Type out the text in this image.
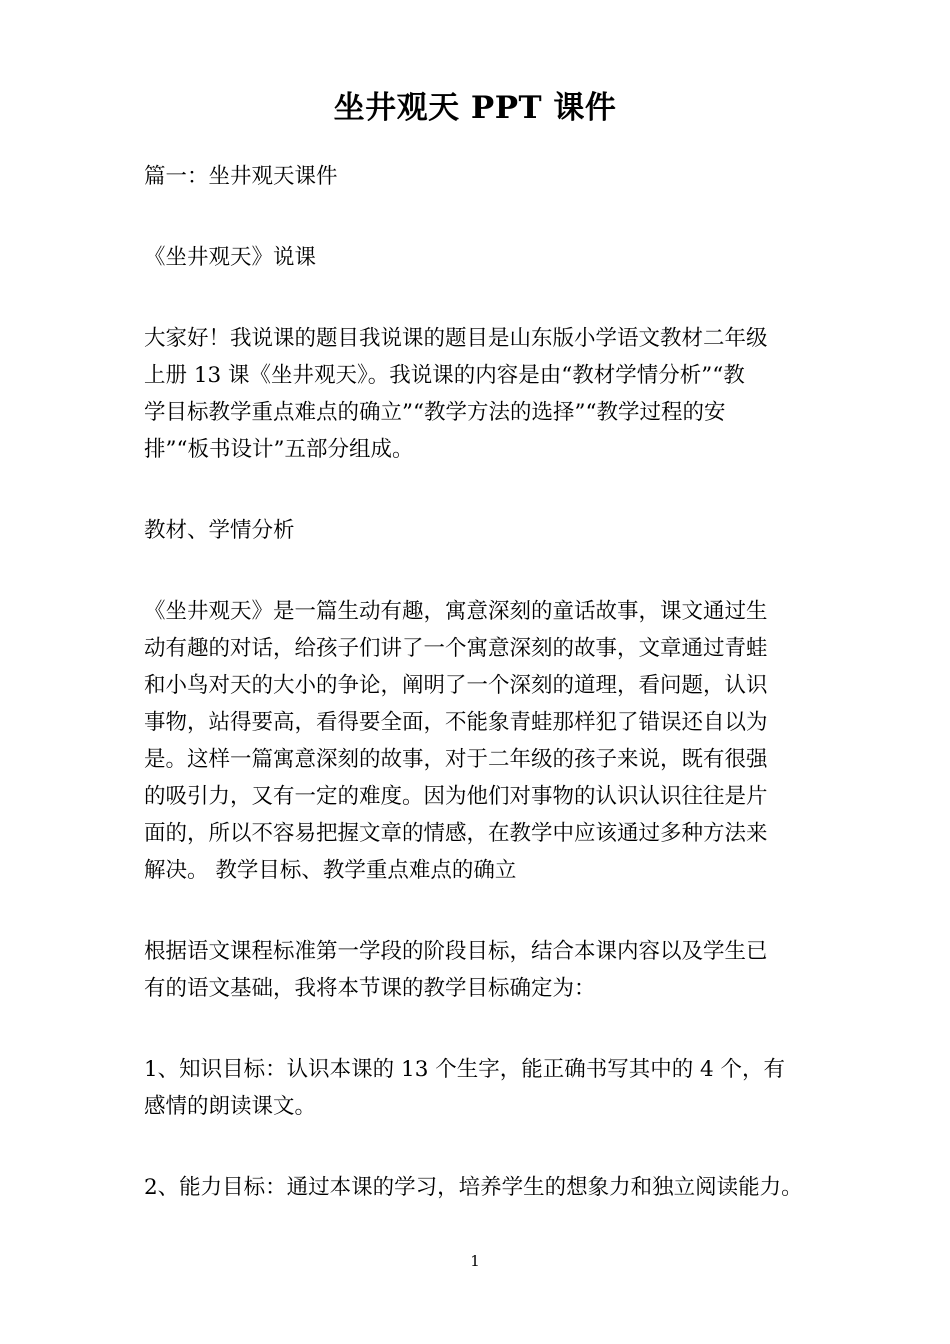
坐井观天 PPT 课件

篇一：坐井观天课件

《坐井观天》说课

大家好！我说课的题目我说课的题目是山东版小学语文教材二年级
上册 13 课《坐井观天》。我说课的内容是由“教材学情分析”“教
学目标教学重点难点的确立”“教学方法的选择”“教学过程的安
排”“板书设计”五部分组成。

教材、学情分析

《坐井观天》是一篇生动有趣，寓意深刻的童话故事，课文通过生
动有趣的对话，给孩子们讲了一个寓意深刻的故事，文章通过青蛙
和小鸟对天的大小的争论，阐明了一个深刻的道理，看问题，认识
事物，站得要高，看得要全面，不能象青蛙那样犯了错误还自以为
是。这样一篇寓意深刻的故事，对于二年级的孩子来说，既有很强
的吸引力，又有一定的难度。因为他们对事物的认识认识往往是片
面的，所以不容易把握文章的情感，在教学中应该通过多种方法来
解决。 教学目标、教学重点难点的确立

根据语文课程标准第一学段的阶段目标，结合本课内容以及学生已
有的语文基础，我将本节课的教学目标确定为：

1、知识目标：认识本课的 13 个生字，能正确书写其中的 4 个，有
感情的朗读课文。

2、能力目标：通过本课的学习，培养学生的想象力和独立阅读能力。

1
